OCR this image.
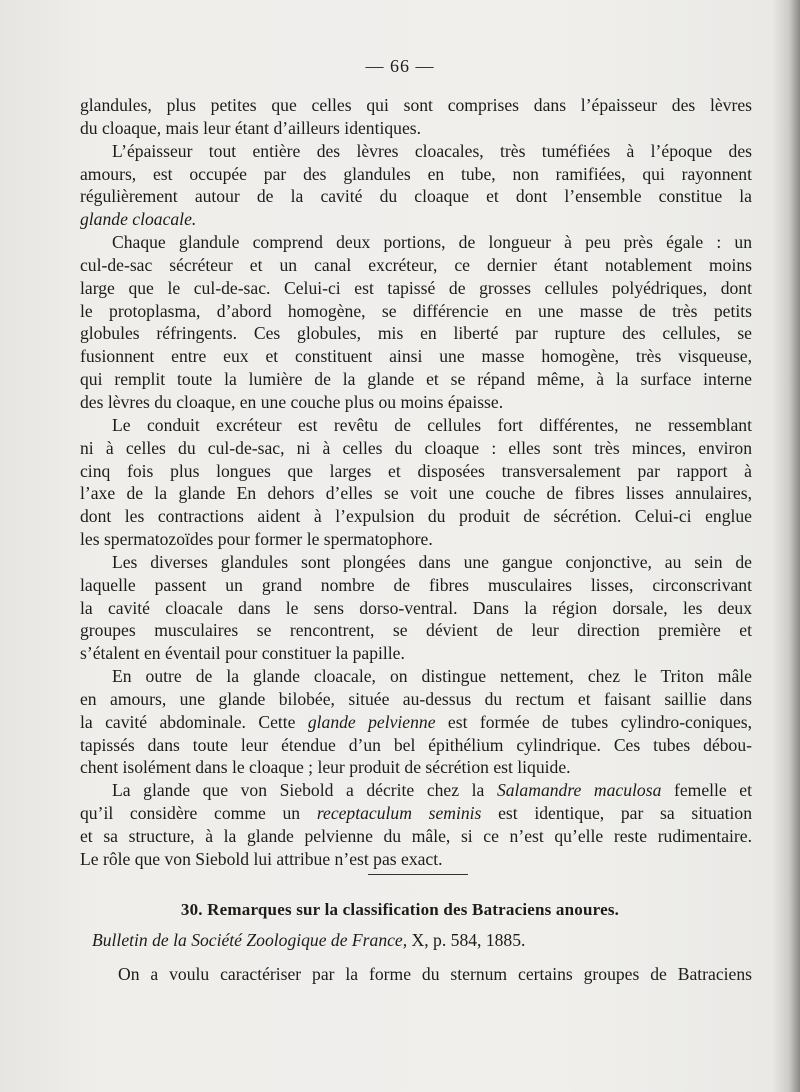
— 66 —

glandules, plus petites que celles qui sont comprises dans l’épaisseur des lèvres

du cloaque, mais leur étant d’ailleurs identiques.

L’épaisseur tout entière des lèvres cloacales, très tuméfiées à l’époque des

amours, est occupée par des glandules en tube, non ramifiées, qui rayonnent

régulièrement autour de la cavité du cloaque et dont l’ensemble constitue la

glande cloacale.

Chaque glandule comprend deux portions, de longueur à peu près égale : un

cul-de-sac sécréteur et un canal excréteur, ce dernier étant notablement moins

large que le cul-de-sac. Celui-ci est tapissé de grosses cellules polyédriques, dont

le protoplasma, d’abord homogène, se différencie en une masse de très petits

globules réfringents. Ces globules, mis en liberté par rupture des cellules, se

fusionnent entre eux et constituent ainsi une masse homogène, très visqueuse,

qui remplit toute la lumière de la glande et se répand même, à la surface interne

des lèvres du cloaque, en une couche plus ou moins épaisse.

Le conduit excréteur est revêtu de cellules fort différentes, ne ressemblant

ni à celles du cul-de-sac, ni à celles du cloaque : elles sont très minces, environ

cinq fois plus longues que larges et disposées transversalement par rapport à

l’axe de la glande En dehors d’elles se voit une couche de fibres lisses annulaires,

dont les contractions aident à l’expulsion du produit de sécrétion. Celui-ci englue

les spermatozoïdes pour former le spermatophore.

Les diverses glandules sont plongées dans une gangue conjonctive, au sein de

laquelle passent un grand nombre de fibres musculaires lisses, circonscrivant

la cavité cloacale dans le sens dorso-ventral. Dans la région dorsale, les deux

groupes musculaires se rencontrent, se dévient de leur direction première et

s’étalent en éventail pour constituer la papille.

En outre de la glande cloacale, on distingue nettement, chez le Triton mâle

en amours, une glande bilobée, située au-dessus du rectum et faisant saillie dans

la cavité abdominale. Cette glande pelvienne est formée de tubes cylindro-coniques,

tapissés dans toute leur étendue d’un bel épithélium cylindrique. Ces tubes débou-

chent isolément dans le cloaque ; leur produit de sécrétion est liquide.

La glande que von Siebold a décrite chez la Salamandre maculosa femelle et

qu’il considère comme un receptaculum seminis est identique, par sa situation

et sa structure, à la glande pelvienne du mâle, si ce n’est qu’elle reste rudimentaire.

Le rôle que von Siebold lui attribue n’est pas exact.

30. Remarques sur la classification des Batraciens anoures.
Bulletin de la Société Zoologique de France, X, p. 584, 1885.
On a voulu caractériser par la forme du sternum certains groupes de Batraciens
